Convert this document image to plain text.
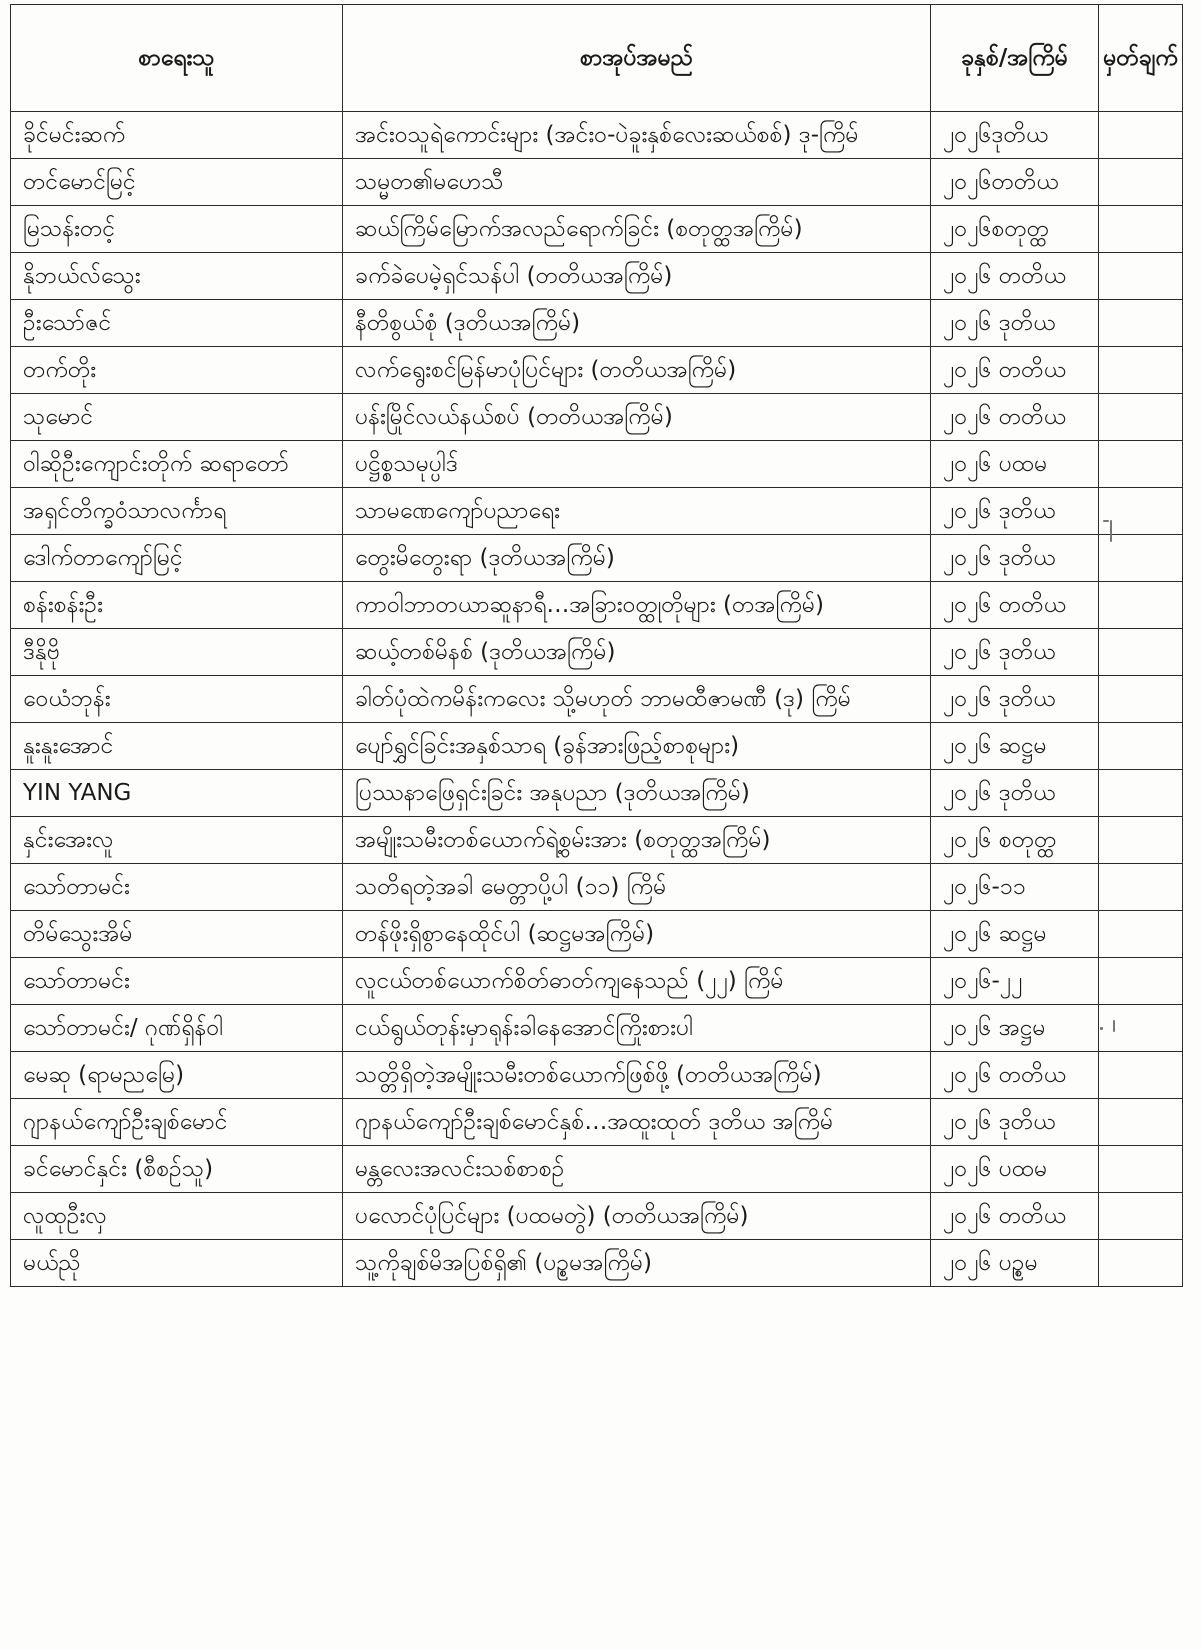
စာရေးသူ	စာအုပ်အမည်	ခုနှစ်/အကြိမ်	မှတ်ချက်
ခိုင်မင်းဆက်	အင်းဝသူရဲကောင်းများ (အင်းဝ-ပဲခူးနှစ်လေးဆယ်စစ်) ဒု-ကြိမ်	၂၀၂၆ဒုတိယ	
တင်မောင်မြင့်	သမ္မတ၏မဟေသီ	၂၀၂၆တတိယ	
မြသန်းတင့်	ဆယ်ကြိမ်မြောက်အလည်ရောက်ခြင်း (စတုတ္ထအကြိမ်)	၂၀၂၆စတုတ္ထ	
နိုဘယ်လ်သွေး	ခက်ခဲပေမဲ့ရှင်သန်ပါ (တတိယအကြိမ်)	၂၀၂၆ တတိယ	
ဦးသော်ဇင်	နီတိစွယ်စုံ (ဒုတိယအကြိမ်)	၂၀၂၆ ဒုတိယ	
တက်တိုး	လက်ရွေးစင်မြန်မာပုံပြင်များ (တတိယအကြိမ်)	၂၀၂၆ တတိယ	
သုမောင်	ပန်းမြိုင်လယ်နယ်စပ် (တတိယအကြိမ်)	၂၀၂၆ တတိယ	
ဝါဆိုဦးကျောင်းတိုက် ဆရာတော်	ပဋ္ဌိစ္စသမုပ္ပါဒ်	၂၀၂၆ ပထမ	
အရှင်တိက္ခဝံသာလင်္ကာရ	သာမဏေကျော်ပညာရေး	၂၀၂၆ ဒုတိယ	
ဒေါက်တာကျော်မြင့်	တွေးမိတွေးရာ (ဒုတိယအကြိမ်)	၂၀၂၆ ဒုတိယ	
စန်းစန်းဦး	ကာဝါဘာတယာဆူနာရီ…အခြားဝတ္ထုတိုများ (တအကြိမ်)	၂၀၂၆ တတိယ	
ဒီနိုဗို	ဆယ့်တစ်မိနစ် (ဒုတိယအကြိမ်)	၂၀၂၆ ဒုတိယ	
ဝေယံဘုန်း	ခါတ်ပုံထဲကမိန်းကလေး သို့မဟုတ် ဘာမထီဇာမဏီ (ဒု) ကြိမ်	၂၀၂၆ ဒုတိယ	
နူးနူးအောင်	ပျော်ရွှင်ခြင်းအနှစ်သာရ (ခွန်အားဖြည့်စာစုများ)	၂၀၂၆ ဆဋ္ဌမ	
YIN YANG	ပြဿနာဖြေရှင်းခြင်း အနုပညာ (ဒုတိယအကြိမ်)	၂၀၂၆ ဒုတိယ	
နှင်းအေးလူ	အမျိုးသမီးတစ်ယောက်ရဲ့စွမ်းအား (စတုတ္ထအကြိမ်)	၂၀၂၆ စတုတ္ထ	
သော်တာမင်း	သတိရတဲ့အခါ မေတ္တာပို့ပါ (၁၁) ကြိမ်	၂၀၂၆-၁၁	
တိမ်သွေးအိမ်	တန်ဖိုးရှိစွာနေထိုင်ပါ (ဆဋ္ဌမအကြိမ်)	၂၀၂၆ ဆဋ္ဌမ	
သော်တာမင်း	လူငယ်တစ်ယောက်စိတ်ဓာတ်ကျနေသည် (၂၂) ကြိမ်	၂၀၂၆-၂၂	
သော်တာမင်း/ ဂုဏ်ရှိန်ဝါ	ငယ်ရွယ်တုန်းမှာရုန်းခါနေအောင်ကြိုးစားပါ	၂၀၂၆ အဋ္ဌမ	
မေဆု (ရာမညမြေ)	သတ္တိရှိတဲ့အမျိုးသမီးတစ်ယောက်ဖြစ်ဖို့ (တတိယအကြိမ်)	၂၀၂၆ တတိယ	
ဂျာနယ်ကျော်ဦးချစ်မောင်	ဂျာနယ်ကျော်ဦးချစ်မောင်နှစ်…အထူးထုတ် ဒုတိယ အကြိမ်	၂၀၂၆ ဒုတိယ	
ခင်မောင်နှင်း (စီစဉ်သူ)	မန္တလေးအလင်းသစ်စာစဉ်	၂၀၂၆ ပထမ	
လူထုဦးလှ	ပလောင်ပုံပြင်များ (ပထမတွဲ) (တတိယအကြိမ်)	၂၀၂၆ တတိယ	
မယ်ညို	သူ့ကိုချစ်မိအပြစ်ရှိ၏ (ပဥ္စမအကြိမ်)	၂၀၂၆ ပဥ္စမ	
